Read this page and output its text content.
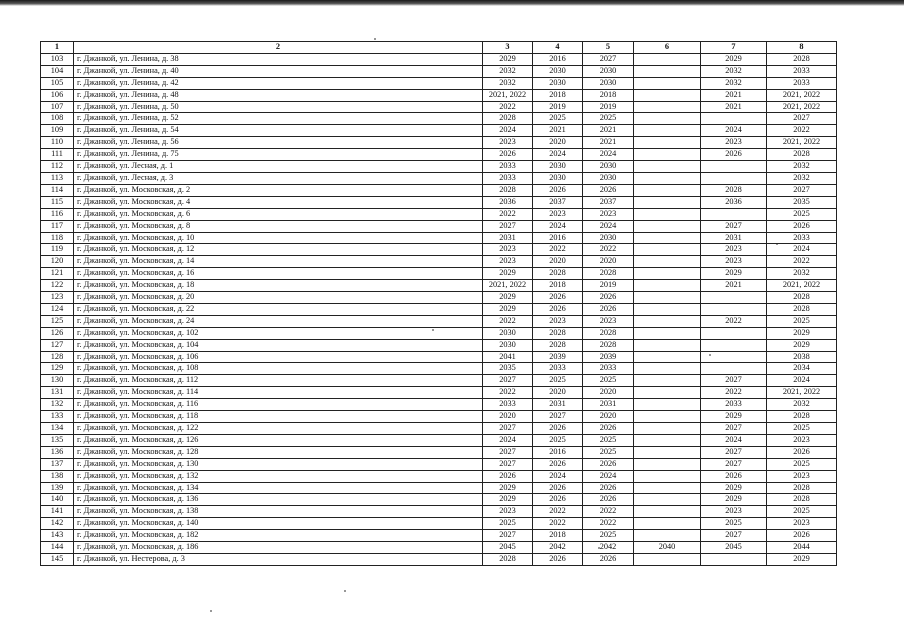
1	2	3	4	5	6	7	8
103	г. Джанкой, ул. Ленина, д. 38	2029	2016	2027		2029	2028
104	г. Джанкой, ул. Ленина, д. 40	2032	2030	2030		2032	2033
105	г. Джанкой, ул. Ленина, д. 42	2032	2030	2030		2032	2033
106	г. Джанкой, ул. Ленина, д. 48	2021, 2022	2018	2018		2021	2021, 2022
107	г. Джанкой, ул. Ленина, д. 50	2022	2019	2019		2021	2021, 2022
108	г. Джанкой, ул. Ленина, д. 52	2028	2025	2025			2027
109	г. Джанкой, ул. Ленина, д. 54	2024	2021	2021		2024	2022
110	г. Джанкой, ул. Ленина, д. 56	2023	2020	2021		2023	2021, 2022
111	г. Джанкой, ул. Ленина, д. 75	2026	2024	2024		2026	2028
112	г. Джанкой, ул. Лесная, д. 1	2033	2030	2030			2032
113	г. Джанкой, ул. Лесная, д. 3	2033	2030	2030			2032
114	г. Джанкой, ул. Московская, д. 2	2028	2026	2026		2028	2027
115	г. Джанкой, ул. Московская, д. 4	2036	2037	2037		2036	2035
116	г. Джанкой, ул. Московская, д. 6	2022	2023	2023			2025
117	г. Джанкой, ул. Московская, д. 8	2027	2024	2024		2027	2026
118	г. Джанкой, ул. Московская, д. 10	2031	2016	2030		2031	2033
119	г. Джанкой, ул. Московская, д. 12	2023	2022	2022		2023	2024
120	г. Джанкой, ул. Московская, д. 14	2023	2020	2020		2023	2022
121	г. Джанкой, ул. Московская, д. 16	2029	2028	2028		2029	2032
122	г. Джанкой, ул. Московская, д. 18	2021, 2022	2018	2019		2021	2021, 2022
123	г. Джанкой, ул. Московская, д. 20	2029	2026	2026			2028
124	г. Джанкой, ул. Московская, д. 22	2029	2026	2026			2028
125	г. Джанкой, ул. Московская, д. 24	2022	2023	2023		2022	2025
126	г. Джанкой, ул. Московская, д. 102	2030	2028	2028			2029
127	г. Джанкой, ул. Московская, д. 104	2030	2028	2028			2029
128	г. Джанкой, ул. Московская, д. 106	2041	2039	2039			2038
129	г. Джанкой, ул. Московская, д. 108	2035	2033	2033			2034
130	г. Джанкой, ул. Московская, д. 112	2027	2025	2025		2027	2024
131	г. Джанкой, ул. Московская, д. 114	2022	2020	2020		2022	2021, 2022
132	г. Джанкой, ул. Московская, д. 116	2033	2031	2031		2033	2032
133	г. Джанкой, ул. Московская, д. 118	2020	2027	2020		2029	2028
134	г. Джанкой, ул. Московская, д. 122	2027	2026	2026		2027	2025
135	г. Джанкой, ул. Московская, д. 126	2024	2025	2025		2024	2023
136	г. Джанкой, ул. Московская, д. 128	2027	2016	2025		2027	2026
137	г. Джанкой, ул. Московская, д. 130	2027	2026	2026		2027	2025
138	г. Джанкой, ул. Московская, д. 132	2026	2024	2024		2026	2023
139	г. Джанкой, ул. Московская, д. 134	2029	2026	2026		2029	2028
140	г. Джанкой, ул. Московская, д. 136	2029	2026	2026		2029	2028
141	г. Джанкой, ул. Московская, д. 138	2023	2022	2022		2023	2025
142	г. Джанкой, ул. Московская, д. 140	2025	2022	2022		2025	2023
143	г. Джанкой, ул. Московская, д. 182	2027	2018	2025		2027	2026
144	г. Джанкой, ул. Московская, д. 186	2045	2042	2042	2040	2045	2044
145	г. Джанкой, ул. Нестерова, д. 3	2028	2026	2026			2029
